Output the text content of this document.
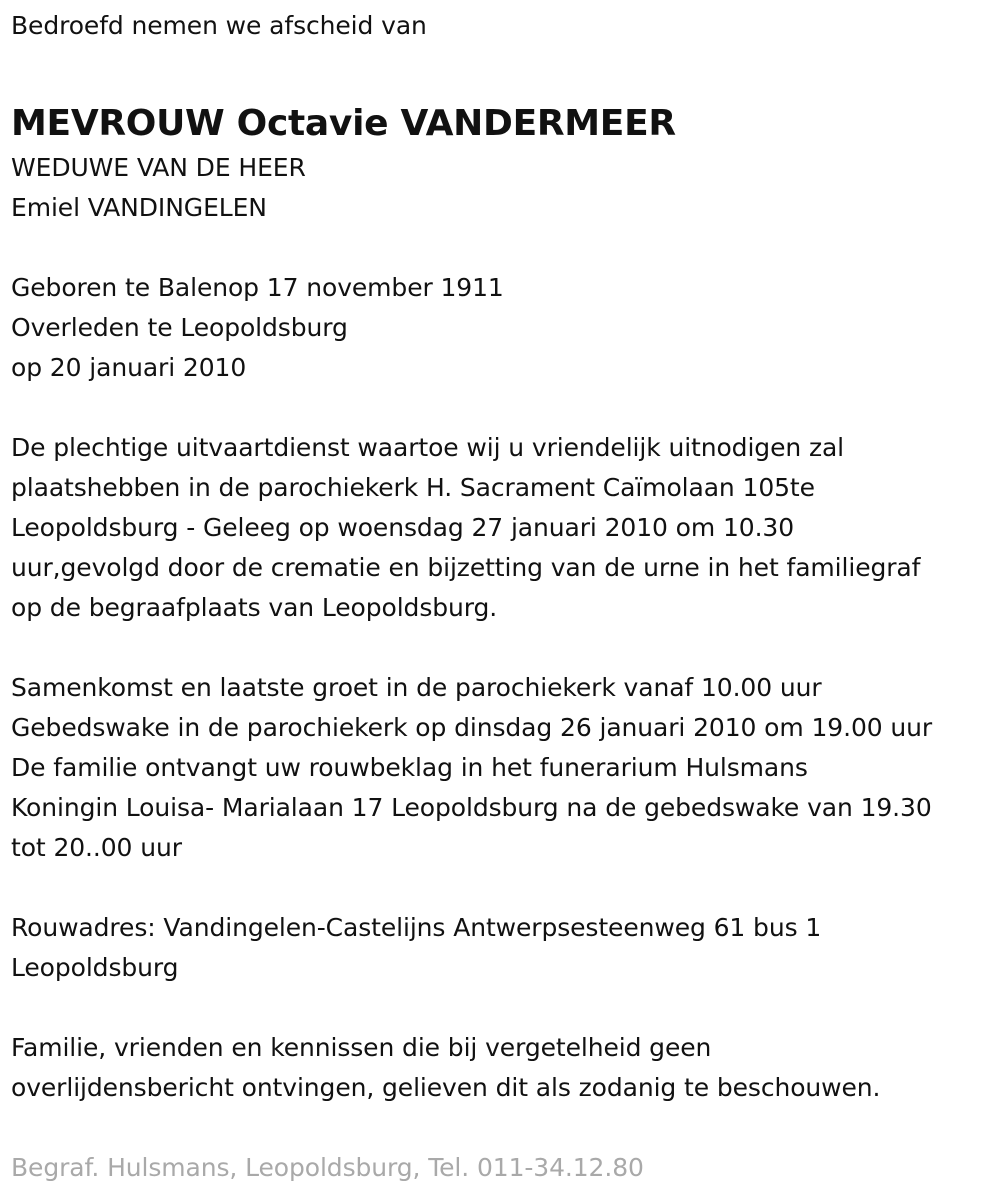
Bedroefd nemen we afscheid van
MEVROUW Octavie VANDERMEER
WEDUWE VAN DE HEER
Emiel VANDINGELEN
Geboren te Balenop 17 november 1911
Overleden te Leopoldsburg
op 20 januari 2010
De plechtige uitvaartdienst waartoe wij u vriendelijk uitnodigen zal
plaatshebben in de parochiekerk H. Sacrament Caïmolaan 105te
Leopoldsburg - Geleeg op woensdag 27 januari 2010 om 10.30
uur,gevolgd door de crematie en bijzetting van de urne in het familiegraf
op de begraafplaats van Leopoldsburg.
Samenkomst en laatste groet in de parochiekerk vanaf 10.00 uur
Gebedswake in de parochiekerk op dinsdag 26 januari 2010 om 19.00 uur
De familie ontvangt uw rouwbeklag in het funerarium Hulsmans
Koningin Louisa- Marialaan 17 Leopoldsburg na de gebedswake van 19.30
tot 20..00 uur
Rouwadres: Vandingelen-Castelijns Antwerpsesteenweg 61 bus 1
Leopoldsburg
Familie, vrienden en kennissen die bij vergetelheid geen
overlijdensbericht ontvingen, gelieven dit als zodanig te beschouwen.
Begraf. Hulsmans, Leopoldsburg, Tel. 011-34.12.80
